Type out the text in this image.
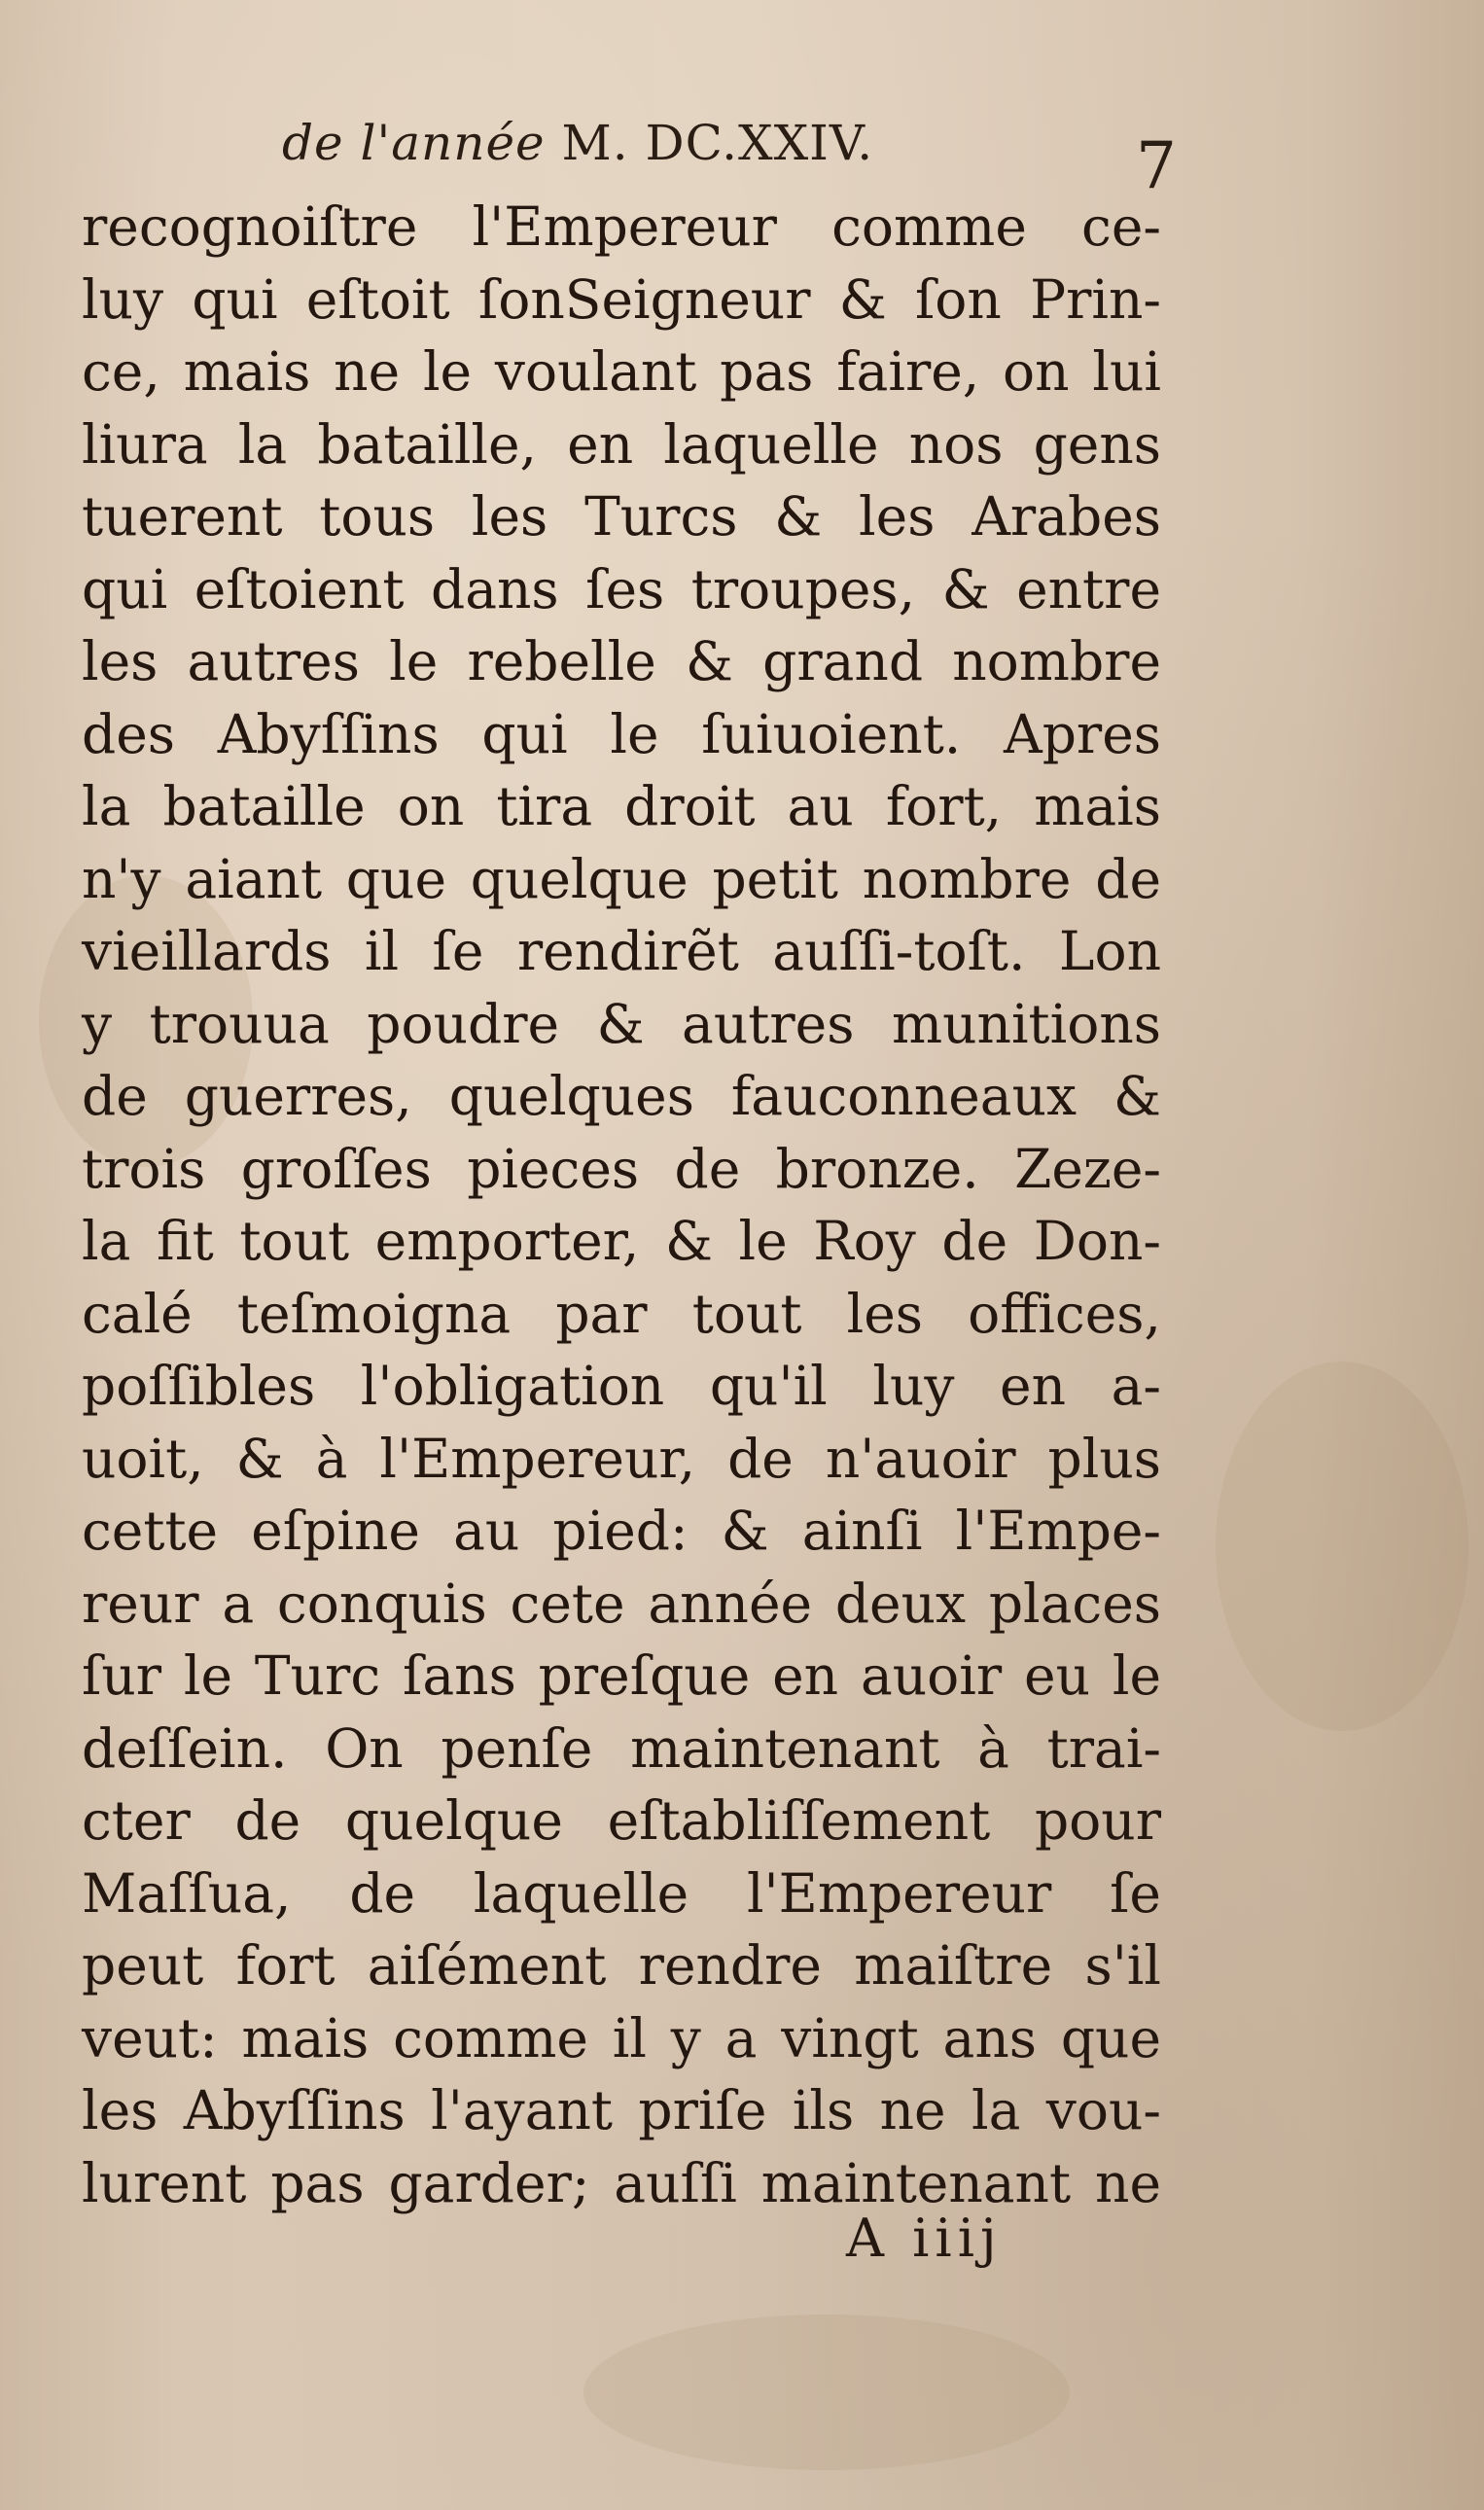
de l'année M. DC.XXIV.	7
recognoiſtre l'Empereur comme ce-
luy qui eſtoit ſonSeigneur & ſon Prin-
ce, mais ne le voulant pas faire, on lui
liura la bataille, en laquelle nos gens
tuerent tous les Turcs & les Arabes
qui eſtoient dans ſes troupes, & entre
les autres le rebelle & grand nombre
des Abyſſins qui le ſuiuoient. Apres
la bataille on tira droit au fort, mais
n'y aiant que quelque petit nombre de
vieillards il ſe rendirẽt auſſi-toſt. Lon
y trouua poudre & autres munitions
de guerres, quelques fauconneaux &
trois groſſes pieces de bronze. Zeze-
la fit tout emporter, & le Roy de Don-
calé teſmoigna par tout les offices,
poſſibles l'obligation qu'il luy en a-
uoit, & à l'Empereur, de n'auoir plus
cette eſpine au pied: & ainſi l'Empe-
reur a conquis cete année deux places
ſur le Turc ſans preſque en auoir eu le
deſſein. On penſe maintenant à trai-
cter de quelque eſtabliſſement pour
Maſſua, de laquelle l'Empereur ſe
peut fort aiſément rendre maiſtre s'il
veut: mais comme il y a vingt ans que
les Abyſſins l'ayant priſe ils ne la vou-
lurent pas garder; auſſi maintenant ne
A iiij
